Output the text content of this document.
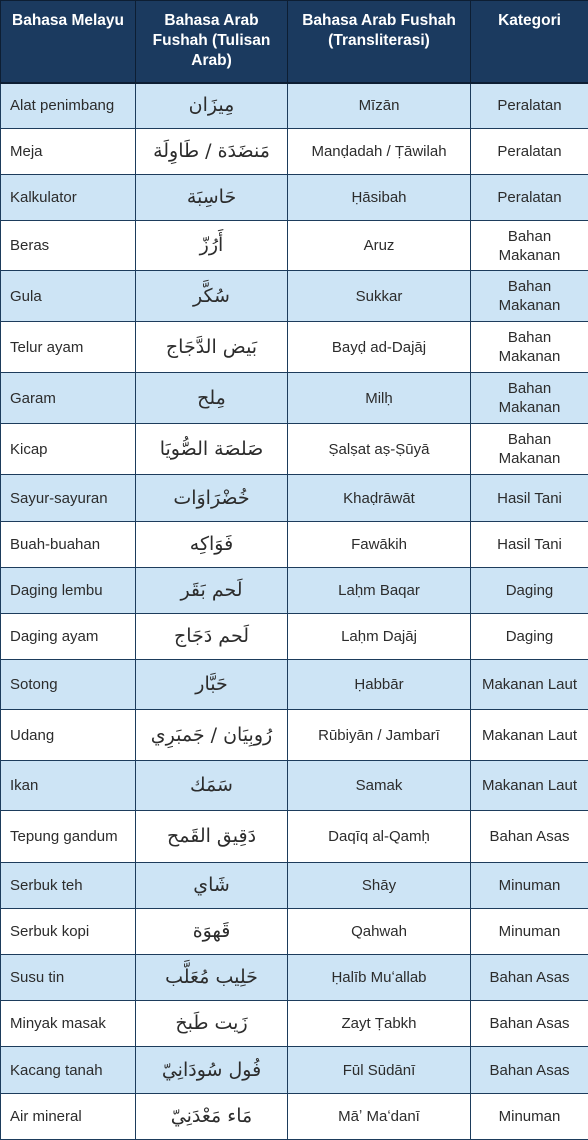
Bahasa Melayu	Bahasa Arab Fushah (Tulisan Arab)	Bahasa Arab Fushah (Transliterasi)	Kategori
Alat penimbang	مِيزَان	Mīzān	Peralatan
Meja	مَنضَدَة / طَاوِلَة	Manḍadah / Ṭāwilah	Peralatan
Kalkulator	حَاسِبَة	Ḥāsibah	Peralatan
Beras	أَرُزّ	Aruz	Bahan Makanan
Gula	سُكَّر	Sukkar	Bahan Makanan
Telur ayam	بَيض الدَّجَاج	Bayḍ ad-Dajāj	Bahan Makanan
Garam	مِلح	Milḥ	Bahan Makanan
Kicap	صَلصَة الصُّويَا	Ṣalṣat aṣ-Ṣūyā	Bahan Makanan
Sayur-sayuran	خُضْرَاوَات	Khaḍrāwāt	Hasil Tani
Buah-buahan	فَوَاكِه	Fawākih	Hasil Tani
Daging lembu	لَحم بَقَر	Laḥm Baqar	Daging
Daging ayam	لَحم دَجَاج	Laḥm Dajāj	Daging
Sotong	حَبَّار	Ḥabbār	Makanan Laut
Udang	رُوبِيَان / جَمبَرِي	Rūbiyān / Jambarī	Makanan Laut
Ikan	سَمَك	Samak	Makanan Laut
Tepung gandum	دَقِيق القَمح	Daqīq al-Qamḥ	Bahan Asas
Serbuk teh	شَاي	Shāy	Minuman
Serbuk kopi	قَهوَة	Qahwah	Minuman
Susu tin	حَلِيب مُعَلَّب	Ḥalīb Muʻallab	Bahan Asas
Minyak masak	زَيت طَبخ	Zayt Ṭabkh	Bahan Asas
Kacang tanah	فُول سُودَانِيّ	Fūl Sūdānī	Bahan Asas
Air mineral	مَاء مَعْدَنِيّ	Māʼ Maʻdanī	Minuman
